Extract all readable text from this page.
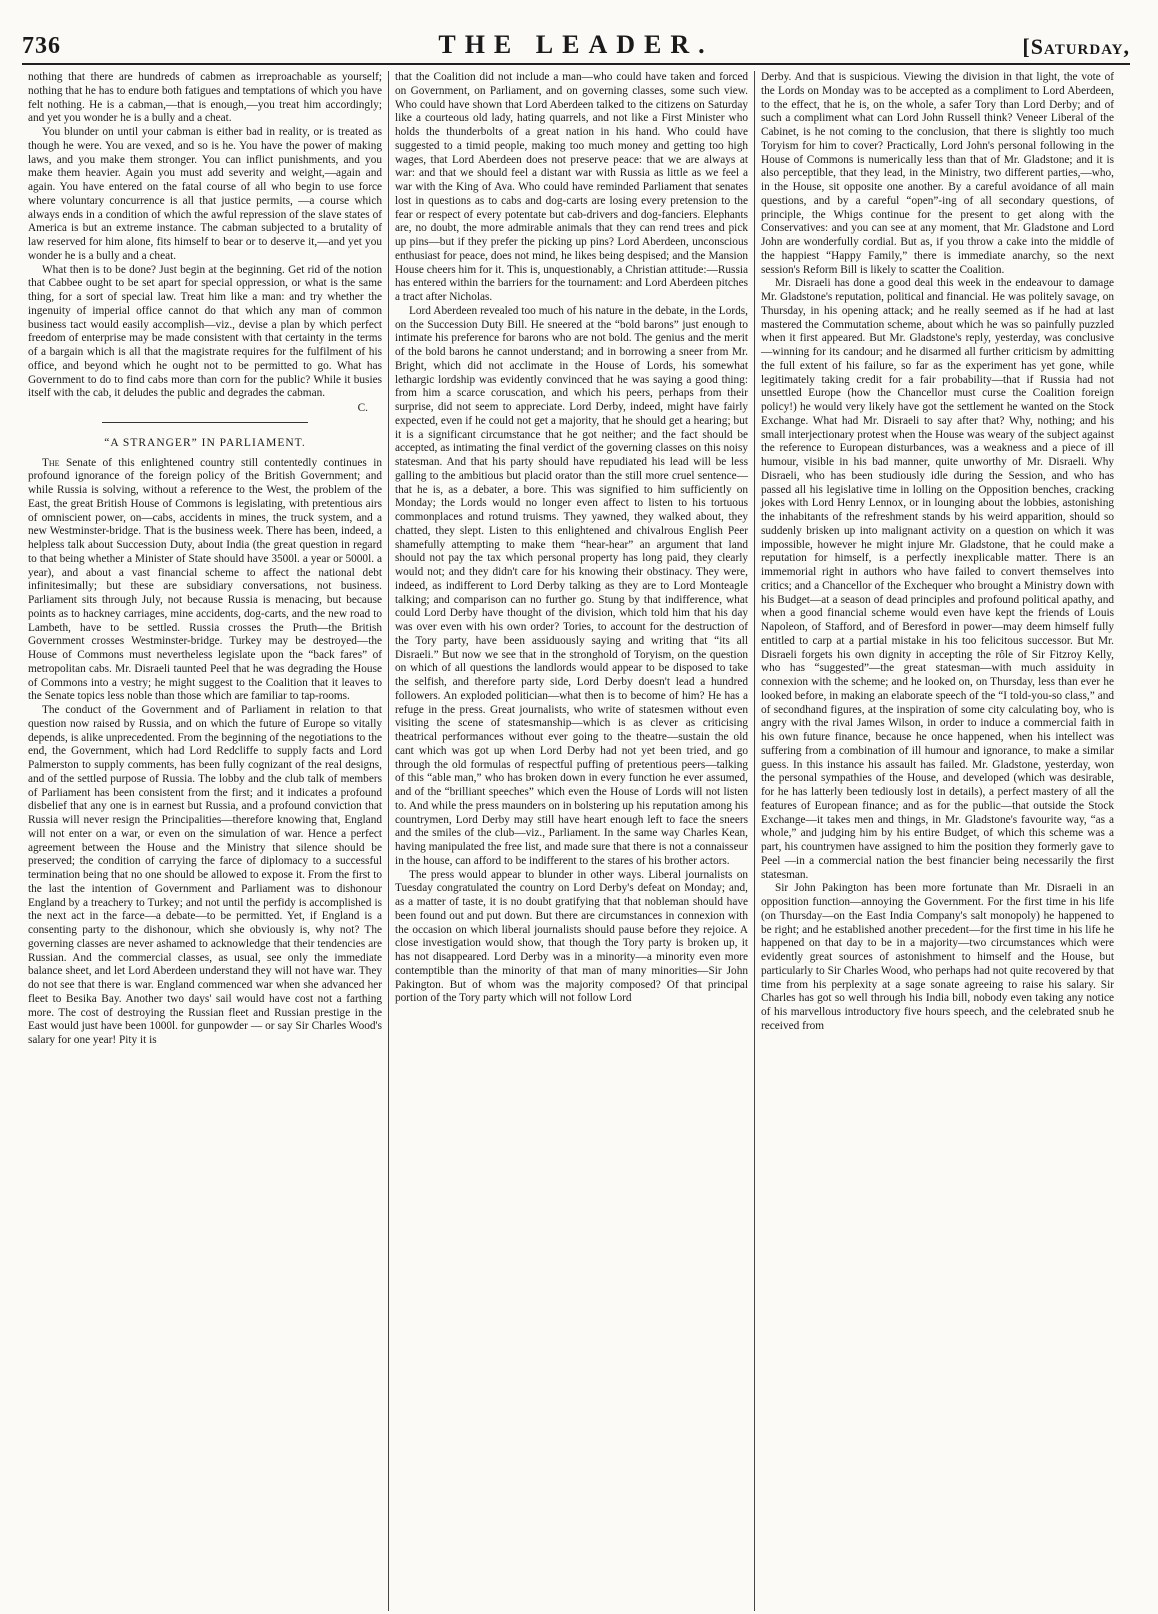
736	THE LEADER.	[Saturday,

nothing that there are hundreds of cabmen as irreproachable as yourself; nothing that he has to endure both fatigues and temptations of which you have felt nothing. He is a cabman,—that is enough,—you treat him accordingly; and yet you wonder he is a bully and a cheat.

You blunder on until your cabman is either bad in reality, or is treated as though he were. You are vexed, and so is he. You have the power of making laws, and you make them stronger. You can inflict punishments, and you make them heavier. Again you must add severity and weight,—again and again. You have entered on the fatal course of all who begin to use force where voluntary concurrence is all that justice permits, —a course which always ends in a condition of which the awful repression of the slave states of America is but an extreme instance. The cabman subjected to a brutality of law reserved for him alone, fits himself to bear or to deserve it,—and yet you wonder he is a bully and a cheat.

What then is to be done? Just begin at the beginning. Get rid of the notion that Cabbee ought to be set apart for special oppression, or what is the same thing, for a sort of special law. Treat him like a man: and try whether the ingenuity of imperial office cannot do that which any man of common business tact would easily accomplish—viz., devise a plan by which perfect freedom of enterprise may be made consistent with that certainty in the terms of a bargain which is all that the magistrate requires for the fulfilment of his office, and beyond which he ought not to be permitted to go. What has Government to do to find cabs more than corn for the public? While it busies itself with the cab, it deludes the public and degrades the cabman.

C.
“A STRANGER” IN PARLIAMENT.

The Senate of this enlightened country still contentedly continues in profound ignorance of the foreign policy of the British Government; and while Russia is solving, without a reference to the West, the problem of the East, the great British House of Commons is legislating, with pretentious airs of omniscient power, on—cabs, accidents in mines, the truck system, and a new Westminster-bridge. That is the business week. There has been, indeed, a helpless talk about Succession Duty, about India (the great question in regard to that being whether a Minister of State should have 3500l. a year or 5000l. a year), and about a vast financial scheme to affect the national debt infinitesimally; but these are subsidiary conversations, not business. Parliament sits through July, not because Russia is menacing, but because points as to hackney carriages, mine accidents, dog-carts, and the new road to Lambeth, have to be settled. Russia crosses the Pruth—the British Government crosses Westminster-bridge. Turkey may be destroyed—the House of Commons must nevertheless legislate upon the “back fares” of metropolitan cabs. Mr. Disraeli taunted Peel that he was degrading the House of Commons into a vestry; he might suggest to the Coalition that it leaves to the Senate topics less noble than those which are familiar to tap-rooms.

The conduct of the Government and of Parliament in relation to that question now raised by Russia, and on which the future of Europe so vitally depends, is alike unprecedented. From the beginning of the negotiations to the end, the Government, which had Lord Redcliffe to supply facts and Lord Palmerston to supply comments, has been fully cognizant of the real designs, and of the settled purpose of Russia. The lobby and the club talk of members of Parliament has been consistent from the first; and it indicates a profound disbelief that any one is in earnest but Russia, and a profound conviction that Russia will never resign the Principalities—therefore knowing that, England will not enter on a war, or even on the simulation of war. Hence a perfect agreement between the House and the Ministry that silence should be preserved; the condition of carrying the farce of diplomacy to a successful termination being that no one should be allowed to expose it. From the first to the last the intention of Government and Parliament was to dishonour England by a treachery to Turkey; and not until the perfidy is accomplished is the next act in the farce—a debate—to be permitted. Yet, if England is a consenting party to the dishonour, which she obviously is, why not? The governing classes are never ashamed to acknowledge that their tendencies are Russian. And the commercial classes, as usual, see only the immediate balance sheet, and let Lord Aberdeen understand they will not have war. They do not see that there is war. England commenced war when she advanced her fleet to Besika Bay. Another two days' sail would have cost not a farthing more. The cost of destroying the Russian fleet and Russian prestige in the East would just have been 1000l. for gunpowder — or say Sir Charles Wood's salary for one year! Pity it is

that the Coalition did not include a man—who could have taken and forced on Government, on Parliament, and on governing classes, some such view. Who could have shown that Lord Aberdeen talked to the citizens on Saturday like a courteous old lady, hating quarrels, and not like a First Minister who holds the thunderbolts of a great nation in his hand. Who could have suggested to a timid people, making too much money and getting too high wages, that Lord Aberdeen does not preserve peace: that we are always at war: and that we should feel a distant war with Russia as little as we feel a war with the King of Ava. Who could have reminded Parliament that senates lost in questions as to cabs and dog-carts are losing every pretension to the fear or respect of every potentate but cab-drivers and dog-fanciers. Elephants are, no doubt, the more admirable animals that they can rend trees and pick up pins—but if they prefer the picking up pins? Lord Aberdeen, unconscious enthusiast for peace, does not mind, he likes being despised; and the Mansion House cheers him for it. This is, unquestionably, a Christian attitude:—Russia has entered within the barriers for the tournament: and Lord Aberdeen pitches a tract after Nicholas.

Lord Aberdeen revealed too much of his nature in the debate, in the Lords, on the Succession Duty Bill. He sneered at the “bold barons” just enough to intimate his preference for barons who are not bold. The genius and the merit of the bold barons he cannot understand; and in borrowing a sneer from Mr. Bright, which did not acclimate in the House of Lords, his somewhat lethargic lordship was evidently convinced that he was saying a good thing: from him a scarce coruscation, and which his peers, perhaps from their surprise, did not seem to appreciate. Lord Derby, indeed, might have fairly expected, even if he could not get a majority, that he should get a hearing; but it is a significant circumstance that he got neither; and the fact should be accepted, as intimating the final verdict of the governing classes on this noisy statesman. And that his party should have repudiated his lead will be less galling to the ambitious but placid orator than the still more cruel sentence—that he is, as a debater, a bore. This was signified to him sufficiently on Monday; the Lords would no longer even affect to listen to his tortuous commonplaces and rotund truisms. They yawned, they walked about, they chatted, they slept. Listen to this enlightened and chivalrous English Peer shamefully attempting to make them “hear-hear” an argument that land should not pay the tax which personal property has long paid, they clearly would not; and they didn't care for his knowing their obstinacy. They were, indeed, as indifferent to Lord Derby talking as they are to Lord Monteagle talking; and comparison can no further go. Stung by that indifference, what could Lord Derby have thought of the division, which told him that his day was over even with his own order? Tories, to account for the destruction of the Tory party, have been assiduously saying and writing that “its all Disraeli.” But now we see that in the stronghold of Toryism, on the question on which of all questions the landlords would appear to be disposed to take the selfish, and therefore party side, Lord Derby doesn't lead a hundred followers. An exploded politician—what then is to become of him? He has a refuge in the press. Great journalists, who write of statesmen without even visiting the scene of statesmanship—which is as clever as criticising theatrical performances without ever going to the theatre—sustain the old cant which was got up when Lord Derby had not yet been tried, and go through the old formulas of respectful puffing of pretentious peers—talking of this “able man,” who has broken down in every function he ever assumed, and of the “brilliant speeches” which even the House of Lords will not listen to. And while the press maunders on in bolstering up his reputation among his countrymen, Lord Derby may still have heart enough left to face the sneers and the smiles of the club—viz., Parliament. In the same way Charles Kean, having manipulated the free list, and made sure that there is not a connaisseur in the house, can afford to be indifferent to the stares of his brother actors.

The press would appear to blunder in other ways. Liberal journalists on Tuesday congratulated the country on Lord Derby's defeat on Monday; and, as a matter of taste, it is no doubt gratifying that that nobleman should have been found out and put down. But there are circumstances in connexion with the occasion on which liberal journalists should pause before they rejoice. A close investigation would show, that though the Tory party is broken up, it has not disappeared. Lord Derby was in a minority—a minority even more contemptible than the minority of that man of many minorities—Sir John Pakington. But of whom was the majority composed? Of that principal portion of the Tory party which will not follow Lord

Derby. And that is suspicious. Viewing the division in that light, the vote of the Lords on Monday was to be accepted as a compliment to Lord Aberdeen, to the effect, that he is, on the whole, a safer Tory than Lord Derby; and of such a compliment what can Lord John Russell think? Veneer Liberal of the Cabinet, is he not coming to the conclusion, that there is slightly too much Toryism for him to cover? Practically, Lord John's personal following in the House of Commons is numerically less than that of Mr. Gladstone; and it is also perceptible, that they lead, in the Ministry, two different parties,—who, in the House, sit opposite one another. By a careful avoidance of all main questions, and by a careful “open”-ing of all secondary questions, of principle, the Whigs continue for the present to get along with the Conservatives: and you can see at any moment, that Mr. Gladstone and Lord John are wonderfully cordial. But as, if you throw a cake into the middle of the happiest “Happy Family,” there is immediate anarchy, so the next session's Reform Bill is likely to scatter the Coalition.

Mr. Disraeli has done a good deal this week in the endeavour to damage Mr. Gladstone's reputation, political and financial. He was politely savage, on Thursday, in his opening attack; and he really seemed as if he had at last mastered the Commutation scheme, about which he was so painfully puzzled when it first appeared. But Mr. Gladstone's reply, yesterday, was conclusive—winning for its candour; and he disarmed all further criticism by admitting the full extent of his failure, so far as the experiment has yet gone, while legitimately taking credit for a fair probability—that if Russia had not unsettled Europe (how the Chancellor must curse the Coalition foreign policy!) he would very likely have got the settlement he wanted on the Stock Exchange. What had Mr. Disraeli to say after that? Why, nothing; and his small interjectionary protest when the House was weary of the subject against the reference to European disturbances, was a weakness and a piece of ill humour, visible in his bad manner, quite unworthy of Mr. Disraeli. Why Disraeli, who has been studiously idle during the Session, and who has passed all his legislative time in lolling on the Opposition benches, cracking jokes with Lord Henry Lennox, or in lounging about the lobbies, astonishing the inhabitants of the refreshment stands by his weird apparition, should so suddenly brisken up into malignant activity on a question on which it was impossible, however he might injure Mr. Gladstone, that he could make a reputation for himself, is a perfectly inexplicable matter. There is an immemorial right in authors who have failed to convert themselves into critics; and a Chancellor of the Exchequer who brought a Ministry down with his Budget—at a season of dead principles and profound political apathy, and when a good financial scheme would even have kept the friends of Louis Napoleon, of Stafford, and of Beresford in power—may deem himself fully entitled to carp at a partial mistake in his too felicitous successor. But Mr. Disraeli forgets his own dignity in accepting the rôle of Sir Fitzroy Kelly, who has “suggested”—the great statesman—with much assiduity in connexion with the scheme; and he looked on, on Thursday, less than ever he looked before, in making an elaborate speech of the “I told-you-so class,” and of secondhand figures, at the inspiration of some city calculating boy, who is angry with the rival James Wilson, in order to induce a commercial faith in his own future finance, because he once happened, when his intellect was suffering from a combination of ill humour and ignorance, to make a similar guess. In this instance his assault has failed. Mr. Gladstone, yesterday, won the personal sympathies of the House, and developed (which was desirable, for he has latterly been tediously lost in details), a perfect mastery of all the features of European finance; and as for the public—that outside the Stock Exchange—it takes men and things, in Mr. Gladstone's favourite way, “as a whole,” and judging him by his entire Budget, of which this scheme was a part, his countrymen have assigned to him the position they formerly gave to Peel —in a commercial nation the best financier being necessarily the first statesman.

Sir John Pakington has been more fortunate than Mr. Disraeli in an opposition function—annoying the Government. For the first time in his life (on Thursday—on the East India Company's salt monopoly) he happened to be right; and he established another precedent—for the first time in his life he happened on that day to be in a majority—two circumstances which were evidently great sources of astonishment to himself and the House, but particularly to Sir Charles Wood, who perhaps had not quite recovered by that time from his perplexity at a sage sonate agreeing to raise his salary. Sir Charles has got so well through his India bill, nobody even taking any notice of his marvellous introductory five hours speech, and the celebrated snub he received from
